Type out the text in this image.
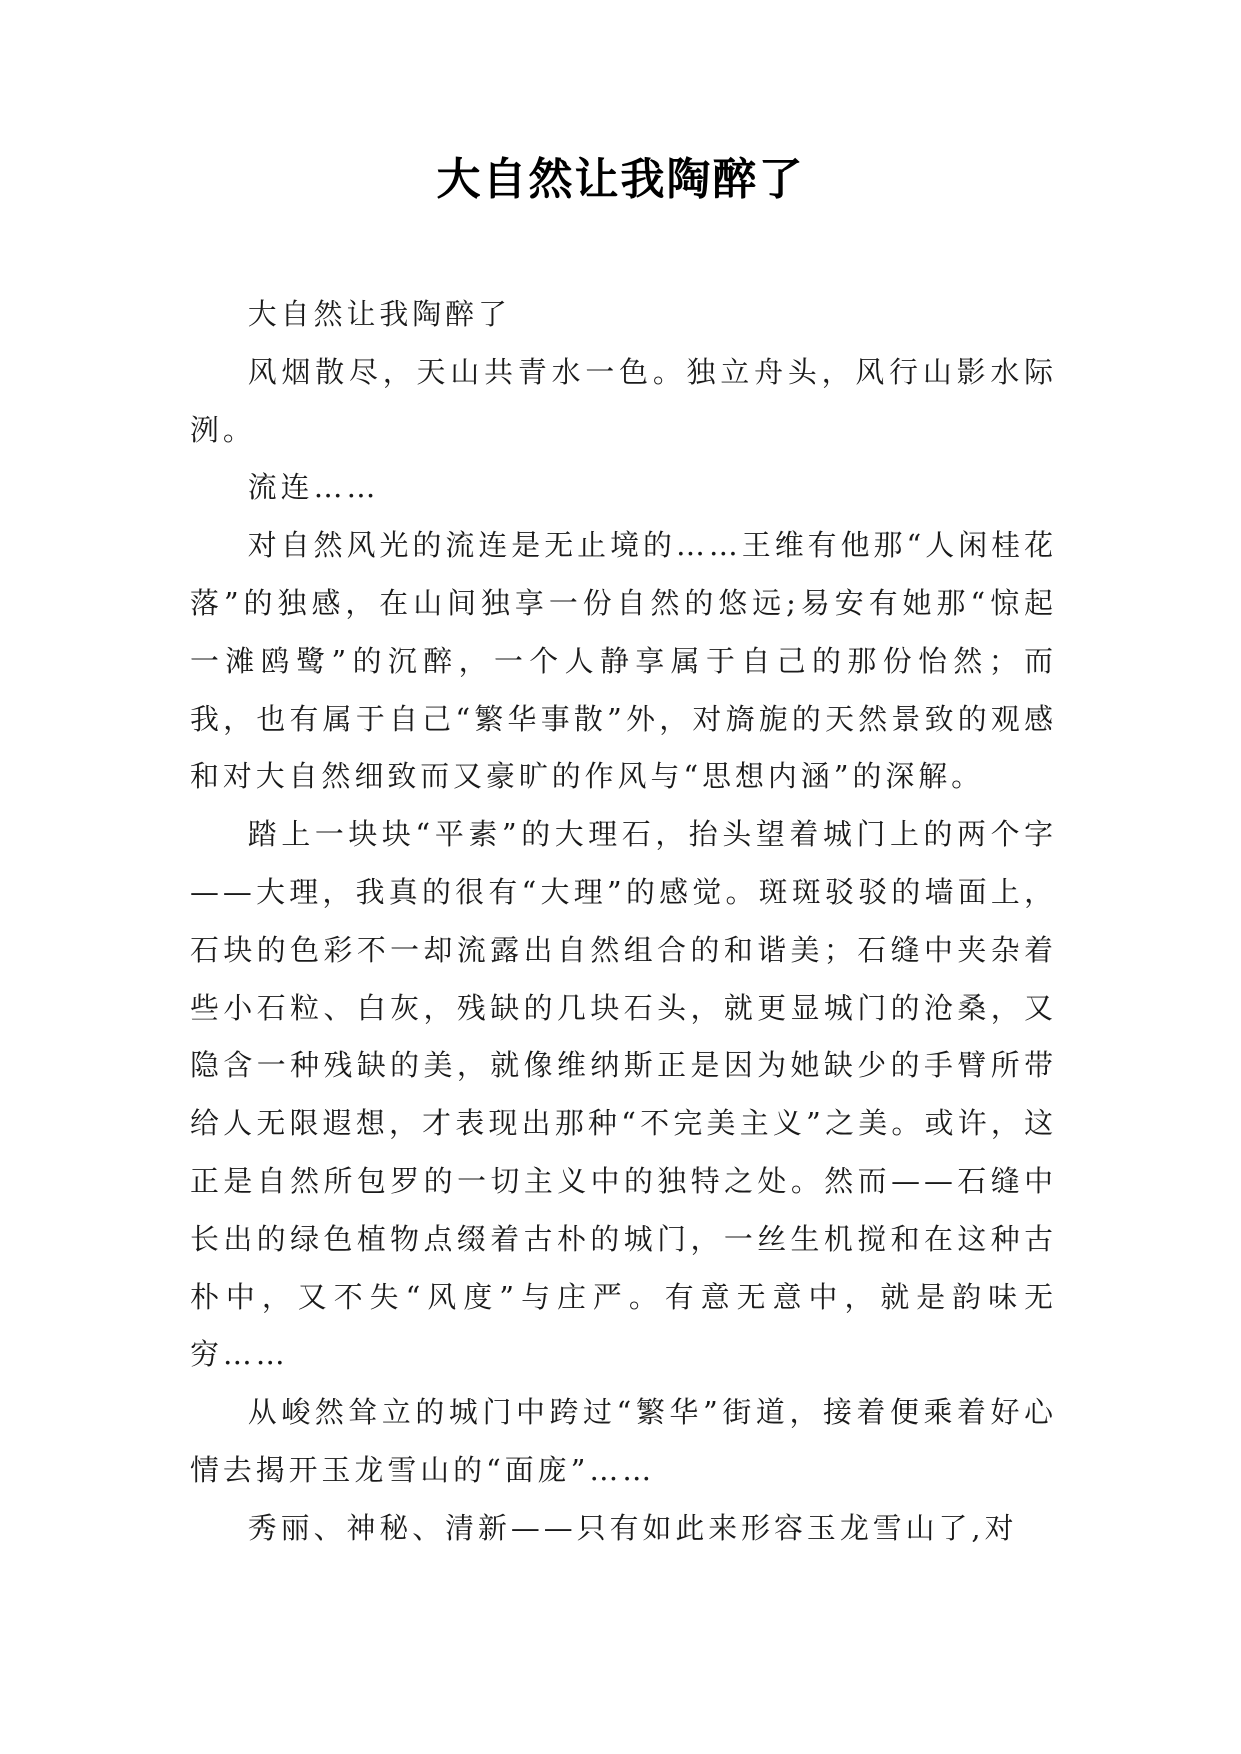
大自然让我陶醉了

大自然让我陶醉了

风烟散尽，天山共青水一色。独立舟头，风行山影水际洌。

流连……

对自然风光的流连是无止境的……王维有他那“人闲桂花落”的独感，在山间独享一份自然的悠远;易安有她那“惊起一滩鸥鹭”的沉醉，一个人静享属于自己的那份怡然；而我，也有属于自己“繁华事散”外，对旖旎的天然景致的观感和对大自然细致而又豪旷的作风与“思想内涵”的深解。

踏上一块块“平素”的大理石，抬头望着城门上的两个字——大理，我真的很有“大理”的感觉。斑斑驳驳的墙面上，石块的色彩不一却流露出自然组合的和谐美；石缝中夹杂着些小石粒、白灰，残缺的几块石头，就更显城门的沧桑，又隐含一种残缺的美，就像维纳斯正是因为她缺少的手臂所带给人无限遐想，才表现出那种“不完美主义”之美。或许，这正是自然所包罗的一切主义中的独特之处。然而——石缝中长出的绿色植物点缀着古朴的城门，一丝生机搅和在这种古朴中，又不失“风度”与庄严。有意无意中，就是韵味无穷……

从峻然耸立的城门中跨过“繁华”街道，接着便乘着好心情去揭开玉龙雪山的“面庞”……

秀丽、神秘、清新——只有如此来形容玉龙雪山了,对
